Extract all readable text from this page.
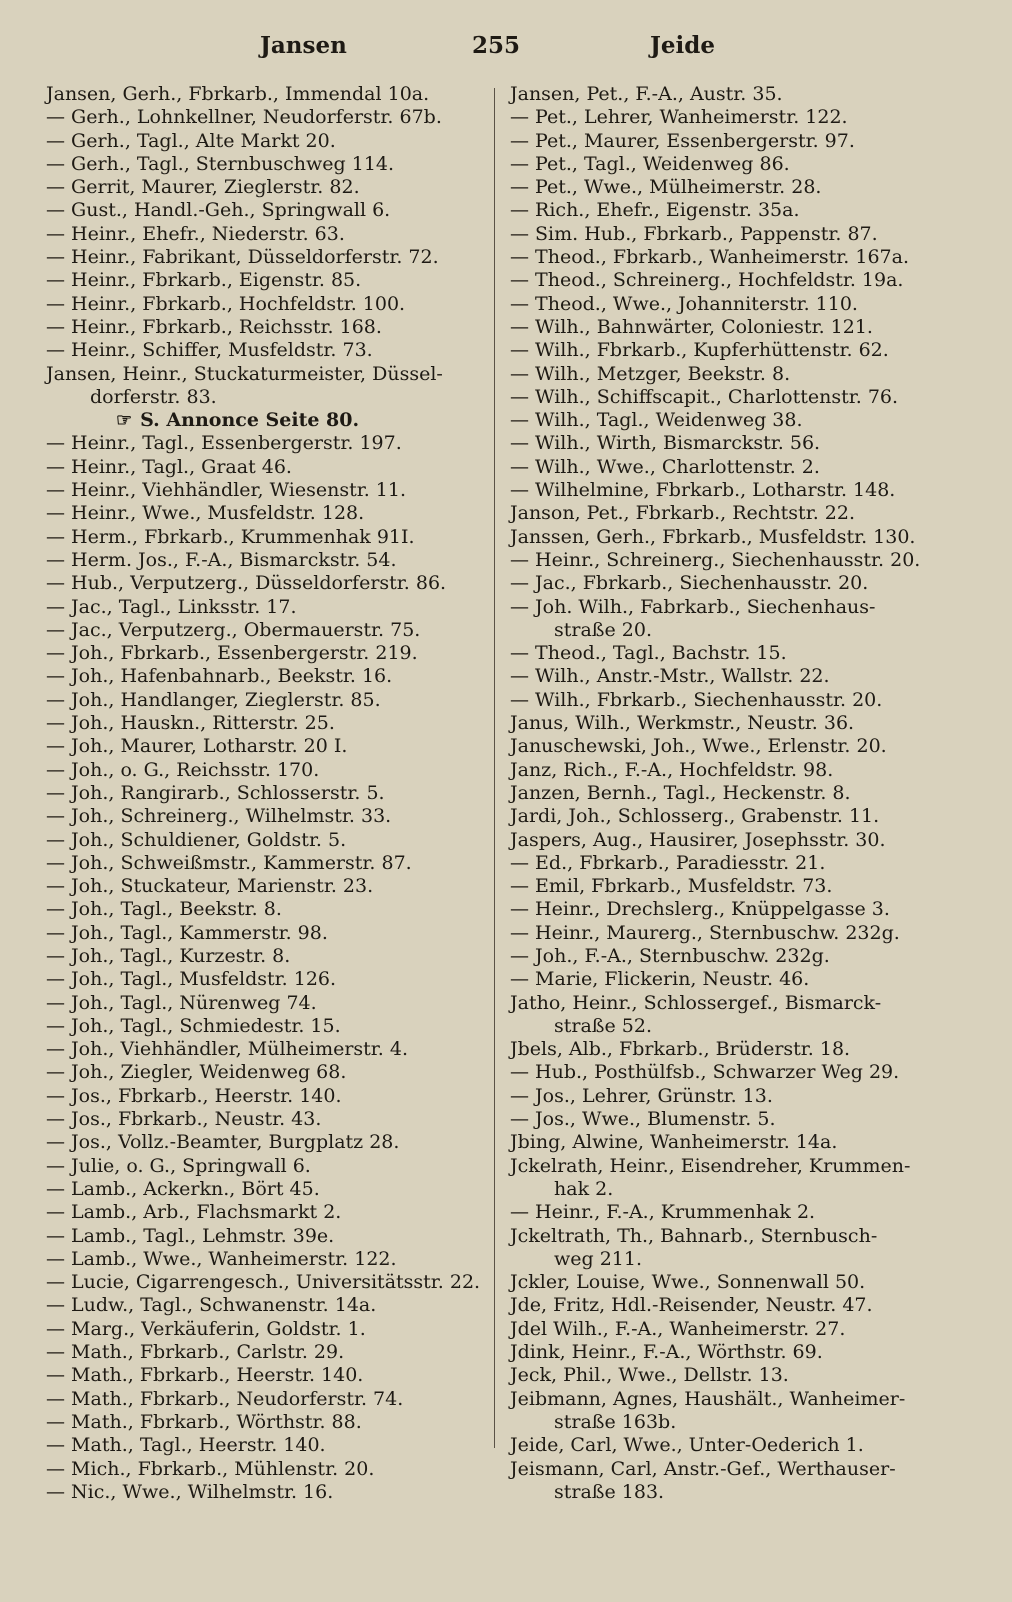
Jansen	255	Jeide
Jansen, Gerh., Fbrkarb., Immendal 10a.
— Gerh., Lohnkellner, Neudorferstr. 67b.
— Gerh., Tagl., Alte Markt 20.
— Gerh., Tagl., Sternbuschweg 114.
— Gerrit, Maurer, Zieglerstr. 82.
— Gust., Handl.-Geh., Springwall 6.
— Heinr., Ehefr., Niederstr. 63.
— Heinr., Fabrikant, Düsseldorferstr. 72.
— Heinr., Fbrkarb., Eigenstr. 85.
— Heinr., Fbrkarb., Hochfeldstr. 100.
— Heinr., Fbrkarb., Reichsstr. 168.
— Heinr., Schiffer, Musfeldstr. 73.
Jansen, Heinr., Stuckaturmeister, Düssel-
dorferstr. 83.
☞ S. Annonce Seite 80.
— Heinr., Tagl., Essenbergerstr. 197.
— Heinr., Tagl., Graat 46.
— Heinr., Viehhändler, Wiesenstr. 11.
— Heinr., Wwe., Musfeldstr. 128.
— Herm., Fbrkarb., Krummenhak 91I.
— Herm. Jos., F.-A., Bismarckstr. 54.
— Hub., Verputzerg., Düsseldorferstr. 86.
— Jac., Tagl., Linksstr. 17.
— Jac., Verputzerg., Obermauerstr. 75.
— Joh., Fbrkarb., Essenbergerstr. 219.
— Joh., Hafenbahnarb., Beekstr. 16.
— Joh., Handlanger, Zieglerstr. 85.
— Joh., Hauskn., Ritterstr. 25.
— Joh., Maurer, Lotharstr. 20 I.
— Joh., o. G., Reichsstr. 170.
— Joh., Rangirarb., Schlosserstr. 5.
— Joh., Schreinerg., Wilhelmstr. 33.
— Joh., Schuldiener, Goldstr. 5.
— Joh., Schweißmstr., Kammerstr. 87.
— Joh., Stuckateur, Marienstr. 23.
— Joh., Tagl., Beekstr. 8.
— Joh., Tagl., Kammerstr. 98.
— Joh., Tagl., Kurzestr. 8.
— Joh., Tagl., Musfeldstr. 126.
— Joh., Tagl., Nürenweg 74.
— Joh., Tagl., Schmiedestr. 15.
— Joh., Viehhändler, Mülheimerstr. 4.
— Joh., Ziegler, Weidenweg 68.
— Jos., Fbrkarb., Heerstr. 140.
— Jos., Fbrkarb., Neustr. 43.
— Jos., Vollz.-Beamter, Burgplatz 28.
— Julie, o. G., Springwall 6.
— Lamb., Ackerkn., Bört 45.
— Lamb., Arb., Flachsmarkt 2.
— Lamb., Tagl., Lehmstr. 39e.
— Lamb., Wwe., Wanheimerstr. 122.
— Lucie, Cigarrengesch., Universitätsstr. 22.
— Ludw., Tagl., Schwanenstr. 14a.
— Marg., Verkäuferin, Goldstr. 1.
— Math., Fbrkarb., Carlstr. 29.
— Math., Fbrkarb., Heerstr. 140.
— Math., Fbrkarb., Neudorferstr. 74.
— Math., Fbrkarb., Wörthstr. 88.
— Math., Tagl., Heerstr. 140.
— Mich., Fbrkarb., Mühlenstr. 20.
— Nic., Wwe., Wilhelmstr. 16.
Jansen, Pet., F.-A., Austr. 35.
— Pet., Lehrer, Wanheimerstr. 122.
— Pet., Maurer, Essenbergerstr. 97.
— Pet., Tagl., Weidenweg 86.
— Pet., Wwe., Mülheimerstr. 28.
— Rich., Ehefr., Eigenstr. 35a.
— Sim. Hub., Fbrkarb., Pappenstr. 87.
— Theod., Fbrkarb., Wanheimerstr. 167a.
— Theod., Schreinerg., Hochfeldstr. 19a.
— Theod., Wwe., Johanniterstr. 110.
— Wilh., Bahnwärter, Coloniestr. 121.
— Wilh., Fbrkarb., Kupferhüttenstr. 62.
— Wilh., Metzger, Beekstr. 8.
— Wilh., Schiffscapit., Charlottenstr. 76.
— Wilh., Tagl., Weidenweg 38.
— Wilh., Wirth, Bismarckstr. 56.
— Wilh., Wwe., Charlottenstr. 2.
— Wilhelmine, Fbrkarb., Lotharstr. 148.
Janson, Pet., Fbrkarb., Rechtstr. 22.
Janssen, Gerh., Fbrkarb., Musfeldstr. 130.
— Heinr., Schreinerg., Siechenhausstr. 20.
— Jac., Fbrkarb., Siechenhausstr. 20.
— Joh. Wilh., Fabrkarb., Siechenhaus-
straße 20.
— Theod., Tagl., Bachstr. 15.
— Wilh., Anstr.-Mstr., Wallstr. 22.
— Wilh., Fbrkarb., Siechenhausstr. 20.
Janus, Wilh., Werkmstr., Neustr. 36.
Januschewski, Joh., Wwe., Erlenstr. 20.
Janz, Rich., F.-A., Hochfeldstr. 98.
Janzen, Bernh., Tagl., Heckenstr. 8.
Jardi, Joh., Schlosserg., Grabenstr. 11.
Jaspers, Aug., Hausirer, Josephsstr. 30.
— Ed., Fbrkarb., Paradiesstr. 21.
— Emil, Fbrkarb., Musfeldstr. 73.
— Heinr., Drechslerg., Knüppelgasse 3.
— Heinr., Maurerg., Sternbuschw. 232g.
— Joh., F.-A., Sternbuschw. 232g.
— Marie, Flickerin, Neustr. 46.
Jatho, Heinr., Schlossergef., Bismarck-
straße 52.
Jbels, Alb., Fbrkarb., Brüderstr. 18.
— Hub., Posthülfsb., Schwarzer Weg 29.
— Jos., Lehrer, Grünstr. 13.
— Jos., Wwe., Blumenstr. 5.
Jbing, Alwine, Wanheimerstr. 14a.
Jckelrath, Heinr., Eisendreher, Krummen-
hak 2.
— Heinr., F.-A., Krummenhak 2.
Jckeltrath, Th., Bahnarb., Sternbusch-
weg 211.
Jckler, Louise, Wwe., Sonnenwall 50.
Jde, Fritz, Hdl.-Reisender, Neustr. 47.
Jdel Wilh., F.-A., Wanheimerstr. 27.
Jdink, Heinr., F.-A., Wörthstr. 69.
Jeck, Phil., Wwe., Dellstr. 13.
Jeibmann, Agnes, Haushält., Wanheimer-
straße 163b.
Jeide, Carl, Wwe., Unter-Oederich 1.
Jeismann, Carl, Anstr.-Gef., Werthauser-
straße 183.
